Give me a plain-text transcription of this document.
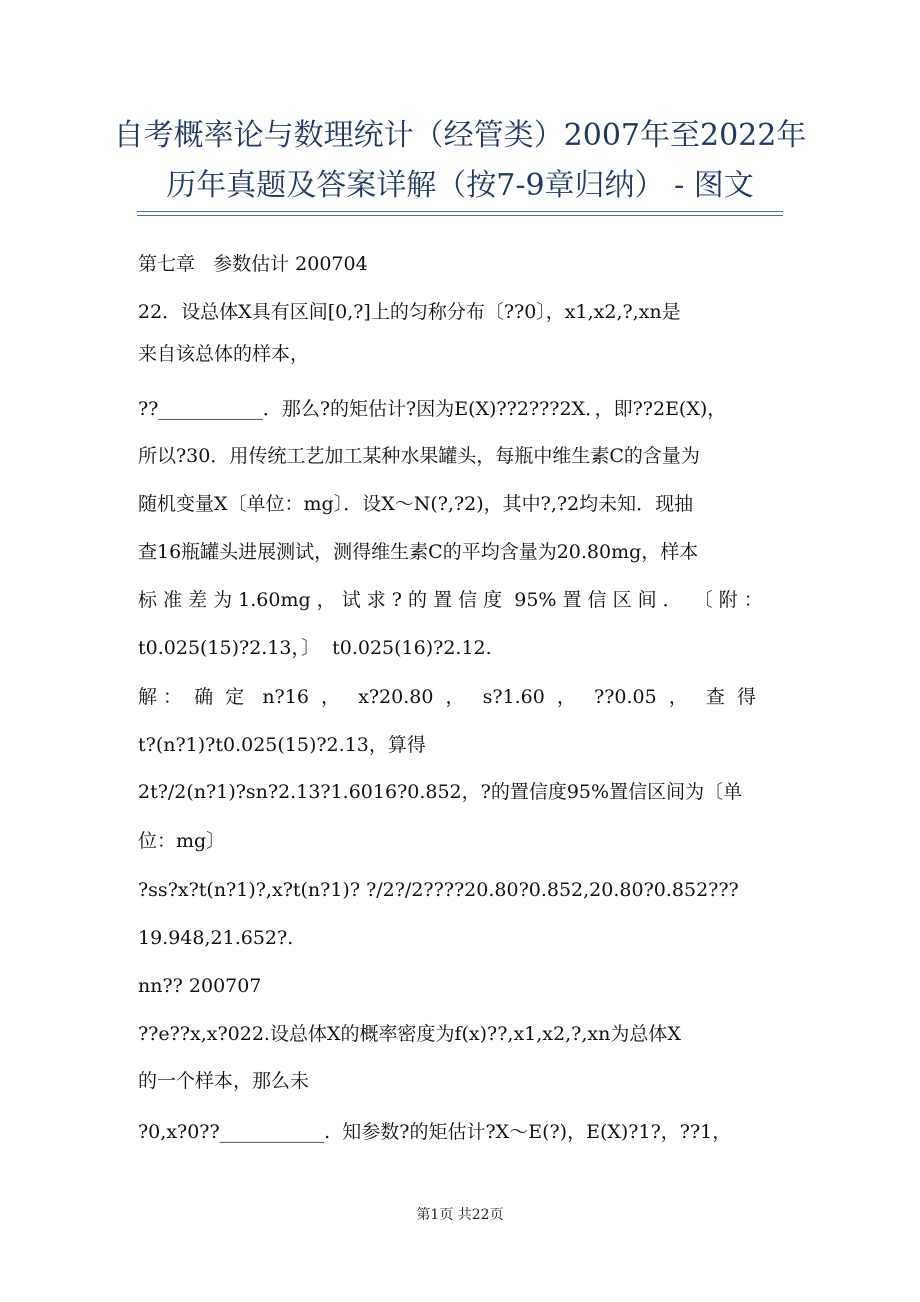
自考概率论与数理统计（经管类）2007年至2022年
历年真题及答案详解（按7-9章归纳） - 图文
第七章   参数估计 200704
22．设总体X具有区间[0,?]上的匀称分布〔??0〕，x1,x2,?,xn是
来自该总体的样本，
??___________．那么?的矩估计?因为E(X)??2???2X．，即??2E(X)，
所以?30．用传统工艺加工某种水果罐头，每瓶中维生素C的含量为
随机变量X〔单位：mg〕．设X～N(?,?2)，其中?,?2均未知．现抽
查16瓶罐头进展测试，测得维生素C的平均含量为20.80mg，样本
标 准 差 为 1.60mg ， 试 求 ? 的 置 信 度  95% 置 信 区 间 ．  〔 附 ：
t0.025(15)?2.13，〕  t0.025(16)?2.12.
解 ：  确  定   n?16  ，   x?20.80  ，   s?1.60  ，   ??0.05  ，   查  得
t?(n?1)?t0.025(15)?2.13，算得
2t?/2(n?1)?sn?2.13?1.6016?0.852，?的置信度95%置信区间为〔单
位：mg〕
?ss?x?t(n?1)?,x?t(n?1)? ?/2?/2????20.80?0.852,20.80?0.852???
19.948,21.652?.
nn?? 200707
??e??x,x?022.设总体X的概率密度为f(x)??,x1,x2,?,xn为总体X
的一个样本，那么未
?0,x?0??___________.  知参数?的矩估计?X～E(?)，E(X)?1?，??1，
第1页 共22页
